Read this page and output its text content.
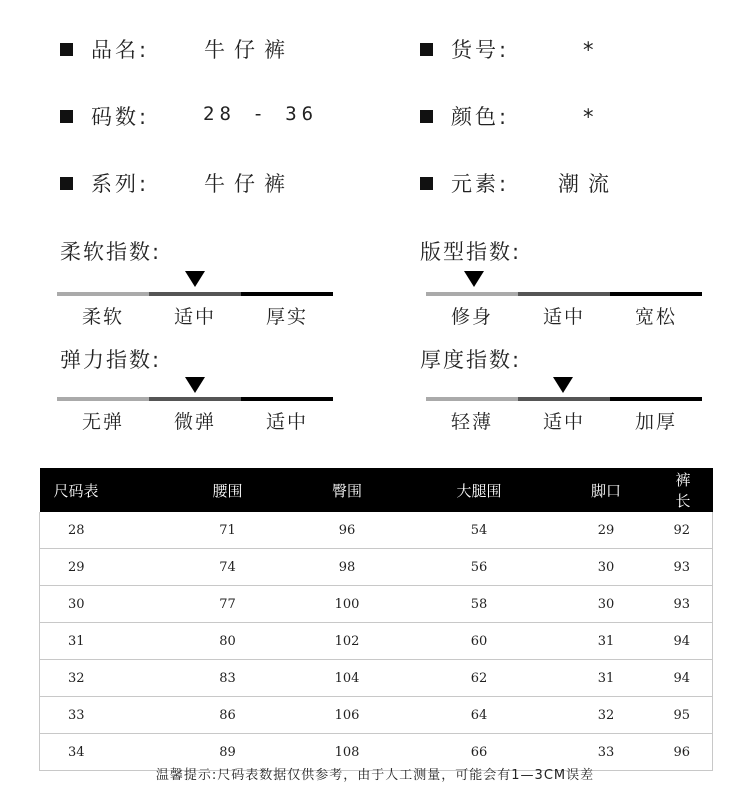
品名:	牛仔裤	货号:	*
码数:	28 - 36	颜色:	*
系列:	牛仔裤	元素: 潮流
柔软指数:
柔软	适中	厚实
版型指数:
修身	适中	宽松
弹力指数:
无弹	微弹	适中
厚度指数:
轻薄	适中	加厚
尺码表	腰围	臀围	大腿围	脚口	裤长
28	71	96	54	29	92
29	74	98	56	30	93
30	77	100	58	30	93
31	80	102	60	31	94
32	83	104	62	31	94
33	86	106	64	32	95
34	89	108	66	33	96
温馨提示:尺码表数据仅供参考，由于人工测量，可能会有1—3CM误差
